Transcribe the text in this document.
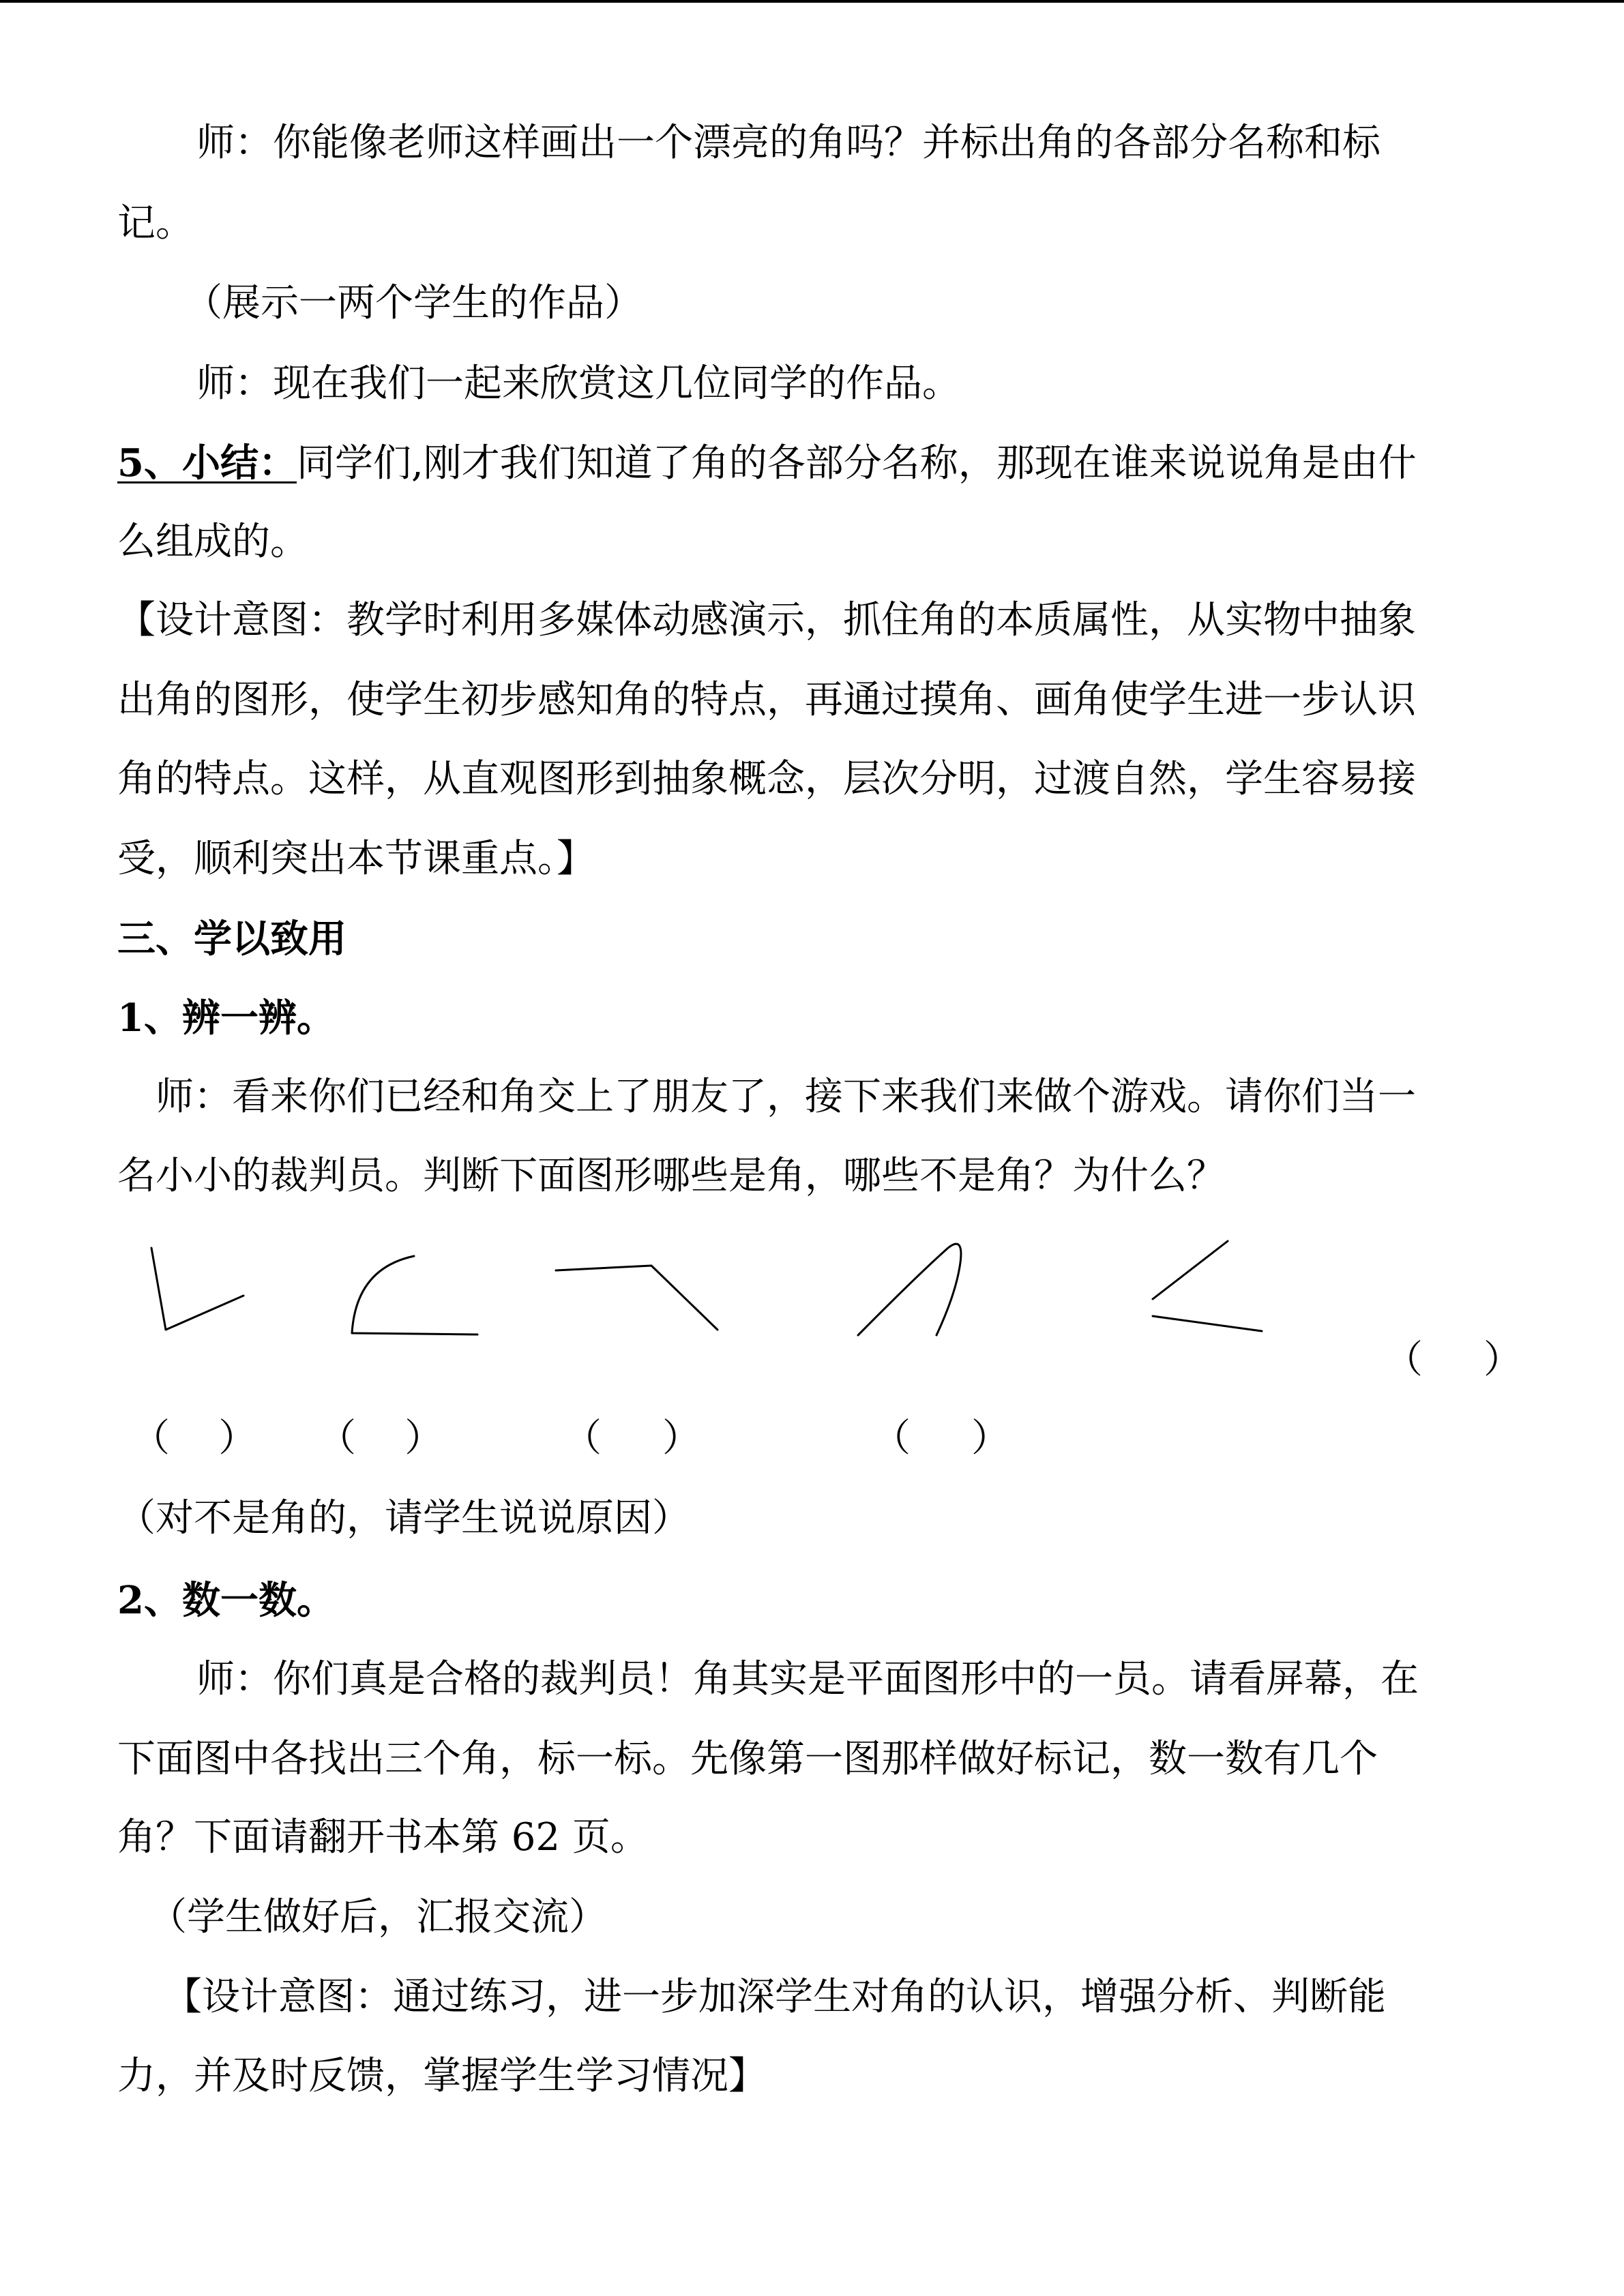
师：你能像老师这样画出一个漂亮的角吗？并标出角的各部分名称和标
记。
（展示一两个学生的作品）
师：现在我们一起来欣赏这几位同学的作品。
5、小结：同学们,刚才我们知道了角的各部分名称，那现在谁来说说角是由什
么组成的。
【设计意图：教学时利用多媒体动感演示，抓住角的本质属性，从实物中抽象
出角的图形，使学生初步感知角的特点，再通过摸角、画角使学生进一步认识
角的特点。这样，从直观图形到抽象概念，层次分明，过渡自然，学生容易接
受，顺利突出本节课重点。】
三、学以致用
1、辨一辨。
师：看来你们已经和角交上了朋友了，接下来我们来做个游戏。请你们当一
名小小的裁判员。判断下面图形哪些是角，哪些不是角？为什么？
（     ）
（    ） （    ）	（     ）	（     ）
（对不是角的，请学生说说原因）
2、数一数。
师：你们真是合格的裁判员！角其实是平面图形中的一员。请看屏幕，在
下面图中各找出三个角，标一标。先像第一图那样做好标记，数一数有几个
角？下面请翻开书本第 62 页。
（学生做好后，汇报交流）
【设计意图：通过练习，进一步加深学生对角的认识，增强分析、判断能
力，并及时反馈，掌握学生学习情况】
